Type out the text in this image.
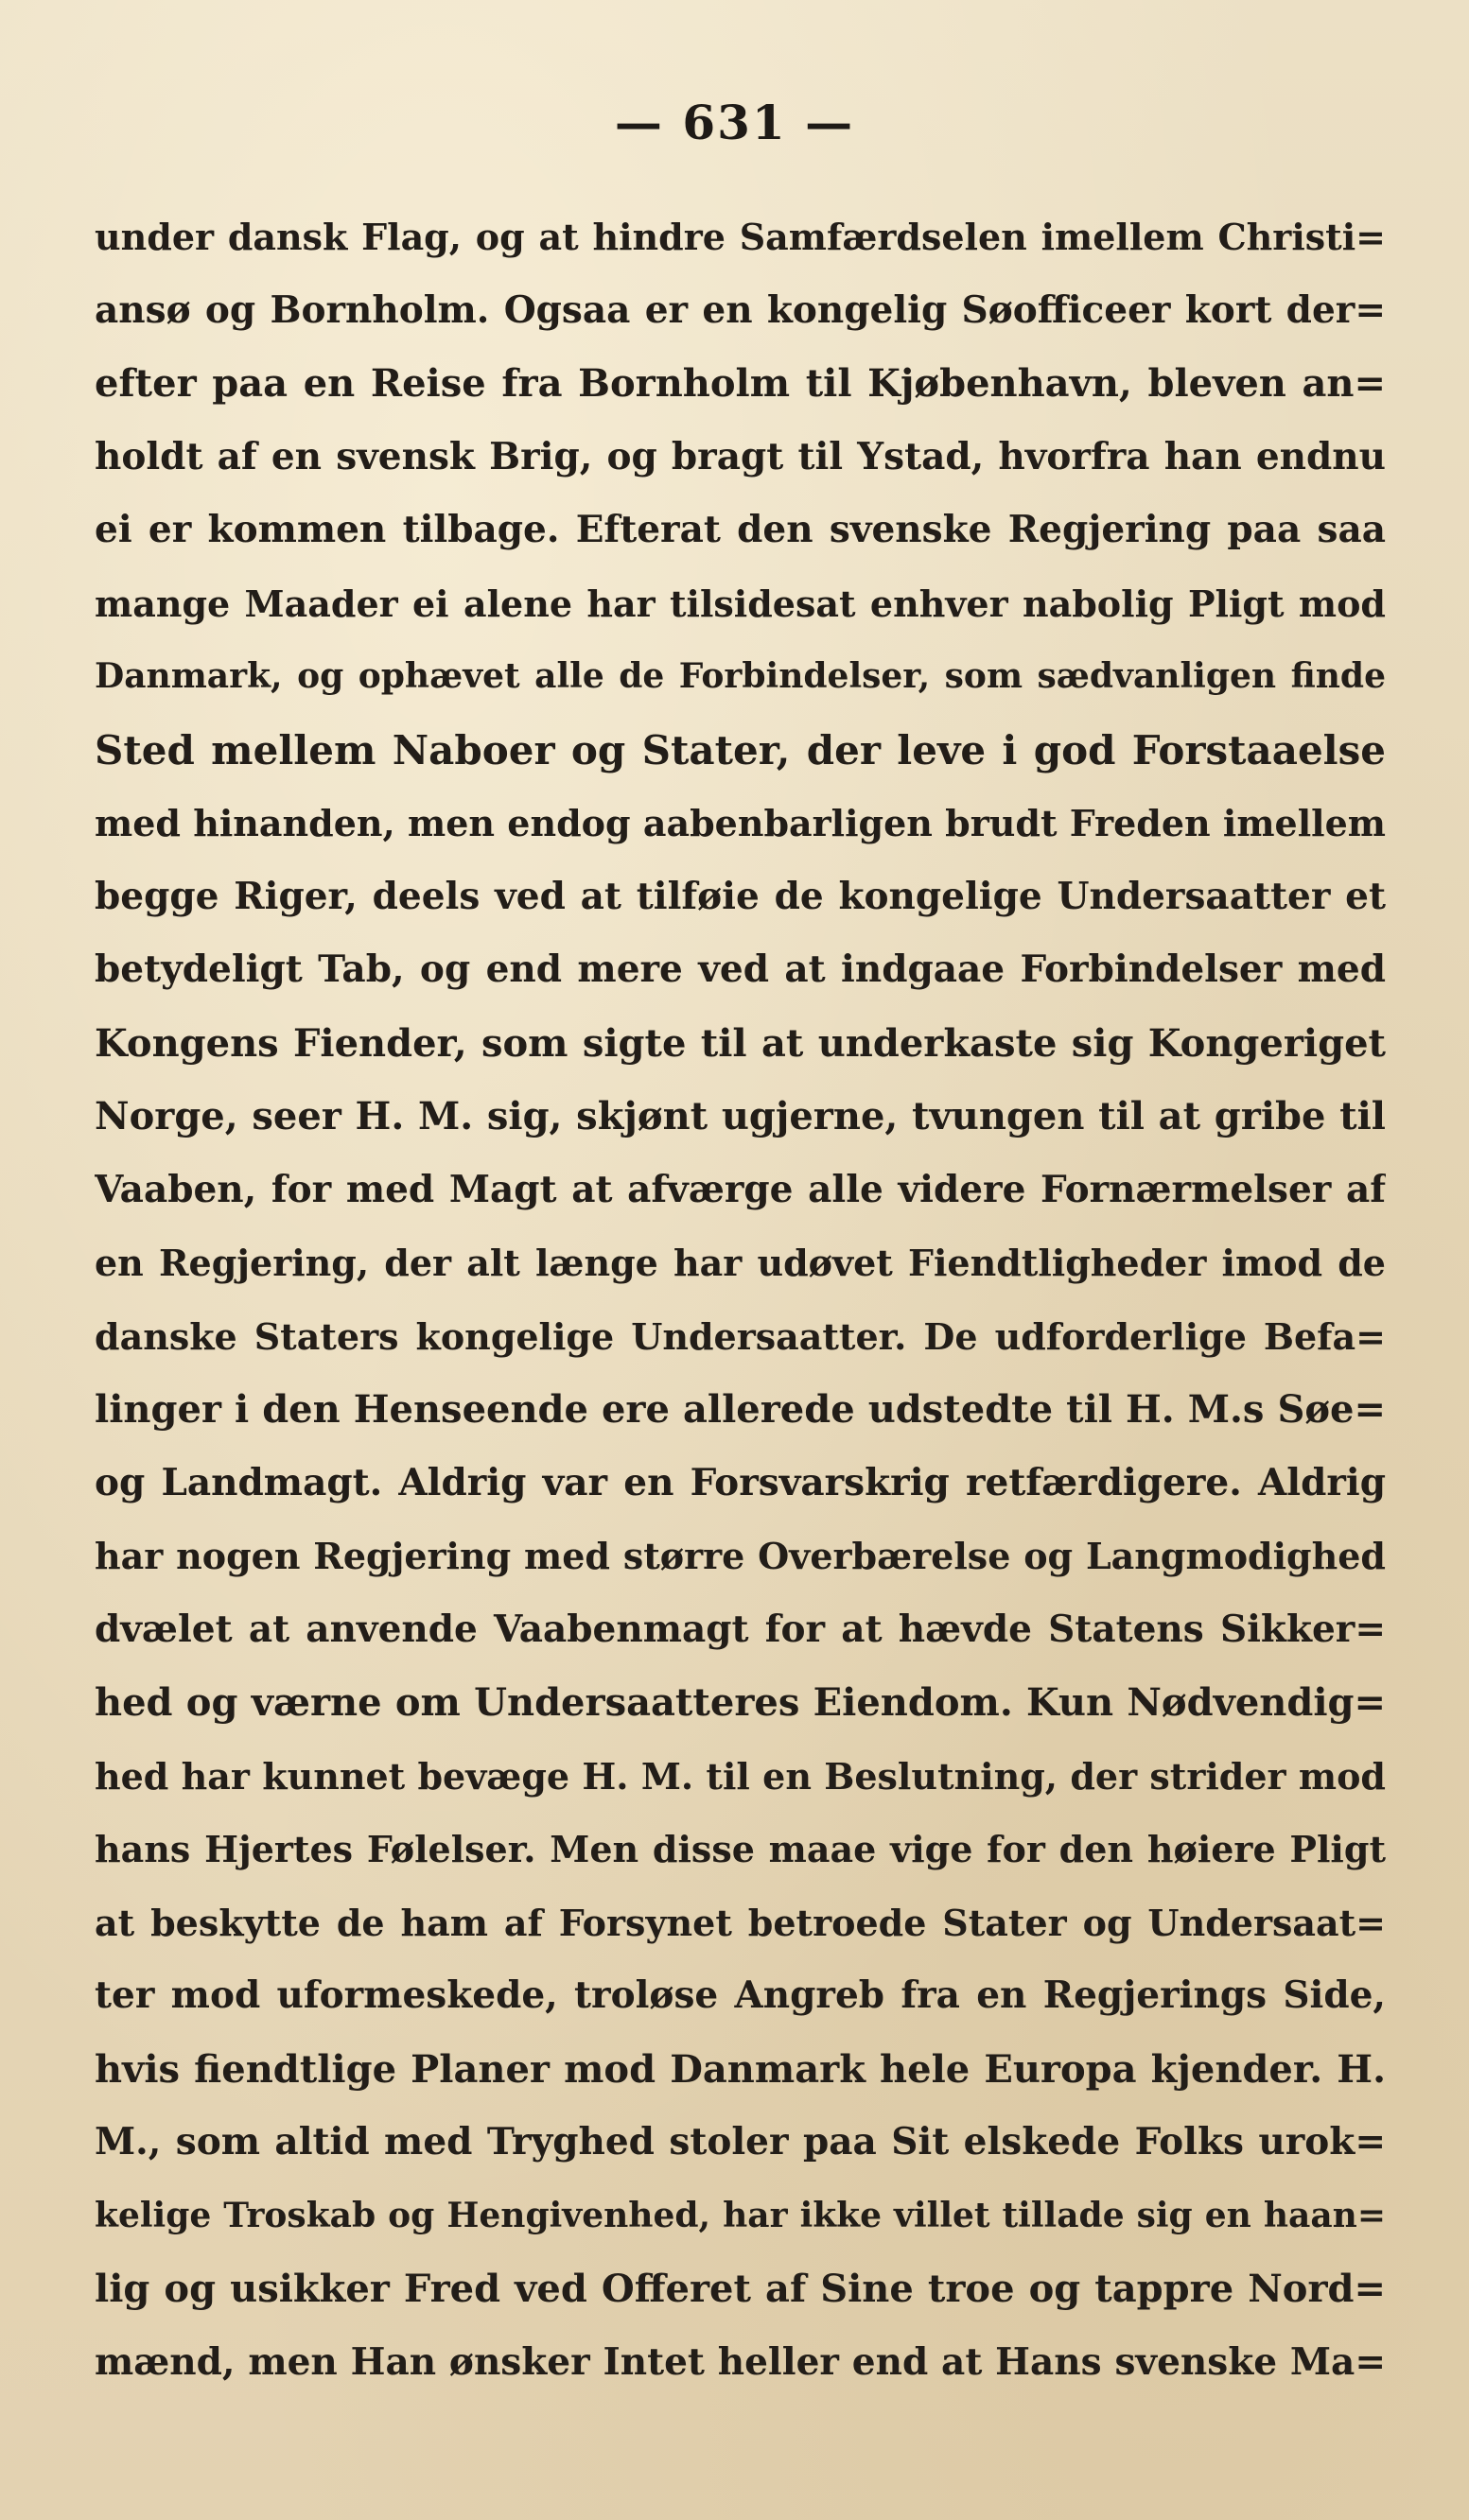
— 631 —
under dansk Flag, og at hindre Samfærdselen imellem Christi=
ansø og Bornholm. Ogsaa er en kongelig Søofficeer kort der=
efter paa en Reise fra Bornholm til Kjøbenhavn, bleven an=
holdt af en svensk Brig, og bragt til Ystad, hvorfra han endnu
ei er kommen tilbage. Efterat den svenske Regjering paa saa
mange Maader ei alene har tilsidesat enhver nabolig Pligt mod
Danmark, og ophævet alle de Forbindelser, som sædvanligen finde
Sted mellem Naboer og Stater, der leve i god Forstaaelse
med hinanden, men endog aabenbarligen brudt Freden imellem
begge Riger, deels ved at tilføie de kongelige Undersaatter et
betydeligt Tab, og end mere ved at indgaae Forbindelser med
Kongens Fiender, som sigte til at underkaste sig Kongeriget
Norge, seer H. M. sig, skjønt ugjerne, tvungen til at gribe til
Vaaben, for med Magt at afværge alle videre Fornærmelser af
en Regjering, der alt længe har udøvet Fiendtligheder imod de
danske Staters kongelige Undersaatter. De udforderlige Befa=
linger i den Henseende ere allerede udstedte til H. M.s Søe=
og Landmagt. Aldrig var en Forsvarskrig retfærdigere. Aldrig
har nogen Regjering med større Overbærelse og Langmodighed
dvælet at anvende Vaabenmagt for at hævde Statens Sikker=
hed og værne om Undersaatteres Eiendom. Kun Nødvendig=
hed har kunnet bevæge H. M. til en Beslutning, der strider mod
hans Hjertes Følelser. Men disse maae vige for den høiere Pligt
at beskytte de ham af Forsynet betroede Stater og Undersaat=
ter mod uformeskede, troløse Angreb fra en Regjerings Side,
hvis fiendtlige Planer mod Danmark hele Europa kjender. H.
M., som altid med Tryghed stoler paa Sit elskede Folks urok=
kelige Troskab og Hengivenhed, har ikke villet tillade sig en haan=
lig og usikker Fred ved Offeret af Sine troe og tappre Nord=
mænd, men Han ønsker Intet heller end at Hans svenske Ma=
